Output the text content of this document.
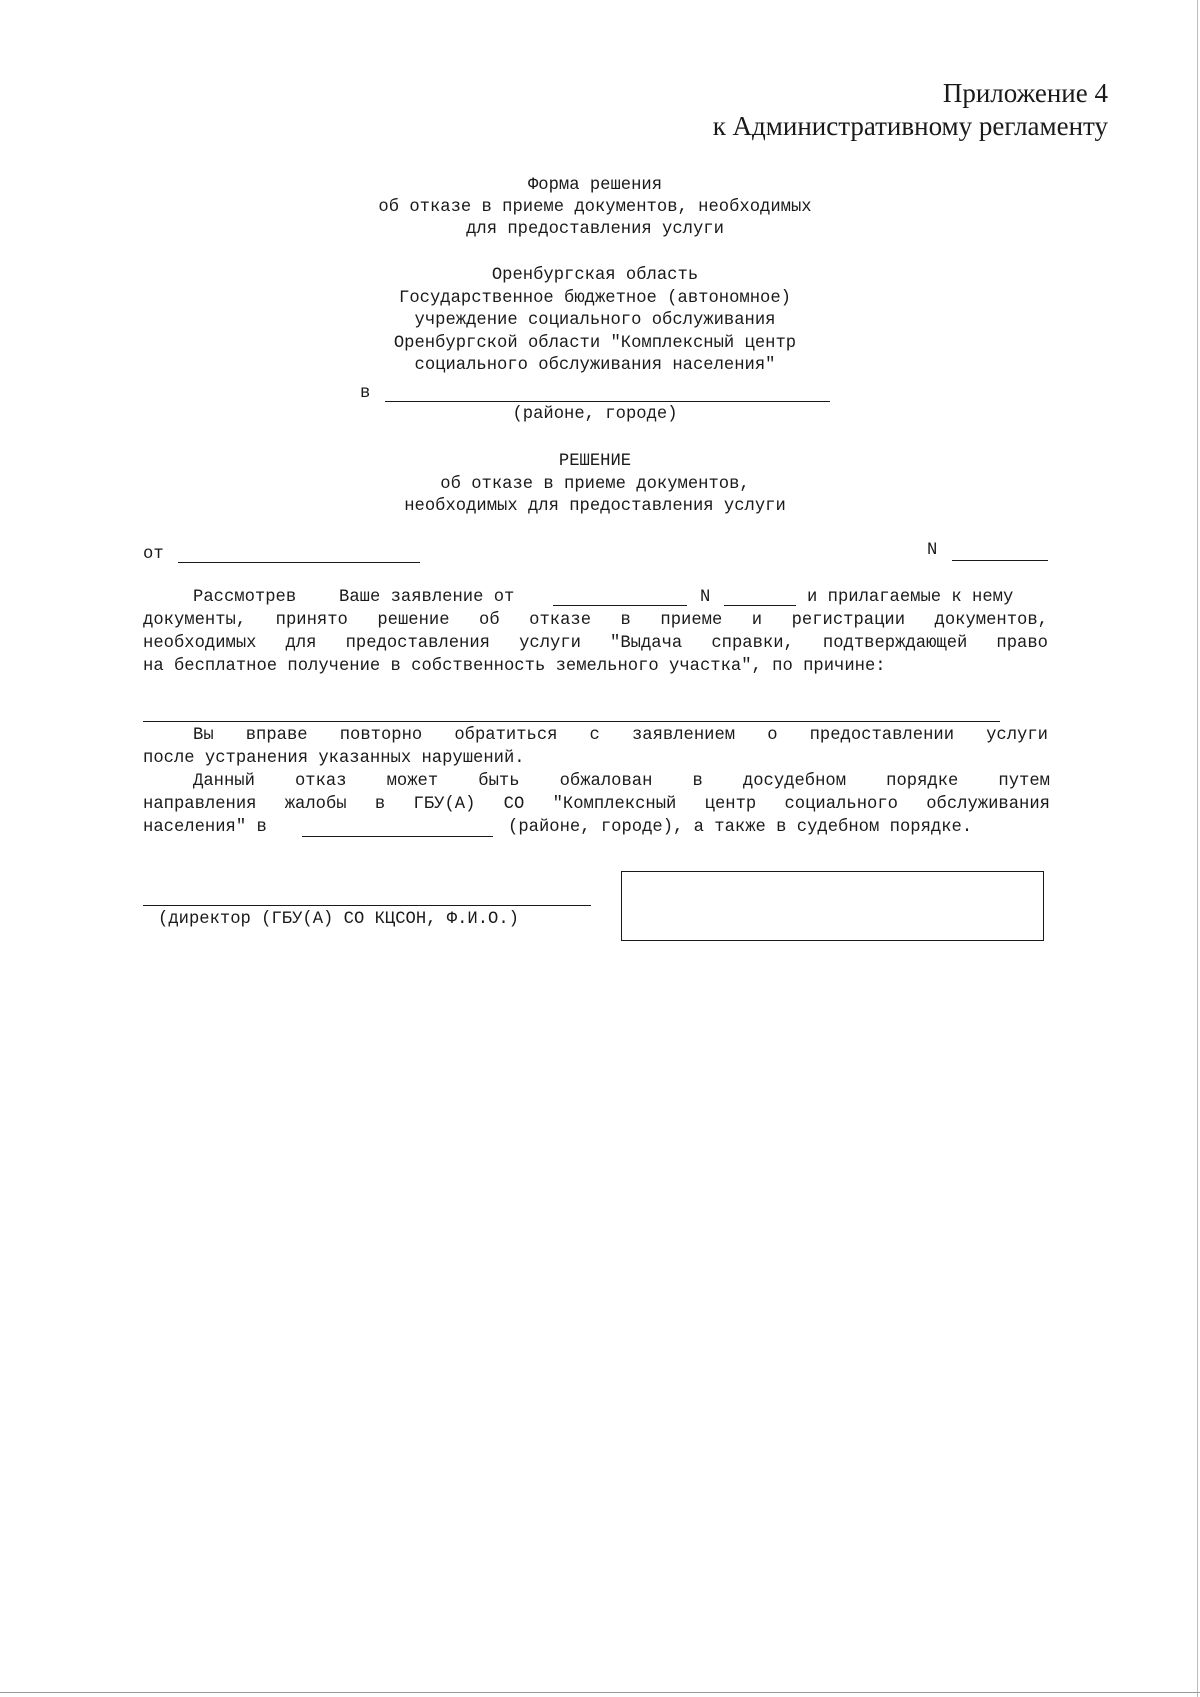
Приложение 4
к Административному регламенту
Форма решения
об отказе в приеме документов, необходимых
для предоставления услуги
Оренбургская область
Государственное бюджетное (автономное)
учреждение социального обслуживания
Оренбургской области "Комплексный центр
социального обслуживания населения"
в
(районе, городе)
РЕШЕНИЕ
об отказе в приеме документов,
необходимых для предоставления услуги
от	N
Рассмотрев Ваше заявление от	N	и прилагаемые к нему
документы, принято решение об отказе в приеме и регистрации документов,
необходимых для предоставления услуги "Выдача справки, подтверждающей право
на бесплатное получение в собственность земельного участка", по причине:
Вы вправе повторно обратиться с заявлением о предоставлении услуги
после устранения указанных нарушений.
Данный отказ может быть обжалован в досудебном порядке путем
направления жалобы в ГБУ(А) СО "Комплексный центр социального обслуживания
населения" в	(районе, городе), а также в судебном порядке.
(директор (ГБУ(А) СО КЦСОН, Ф.И.О.)
